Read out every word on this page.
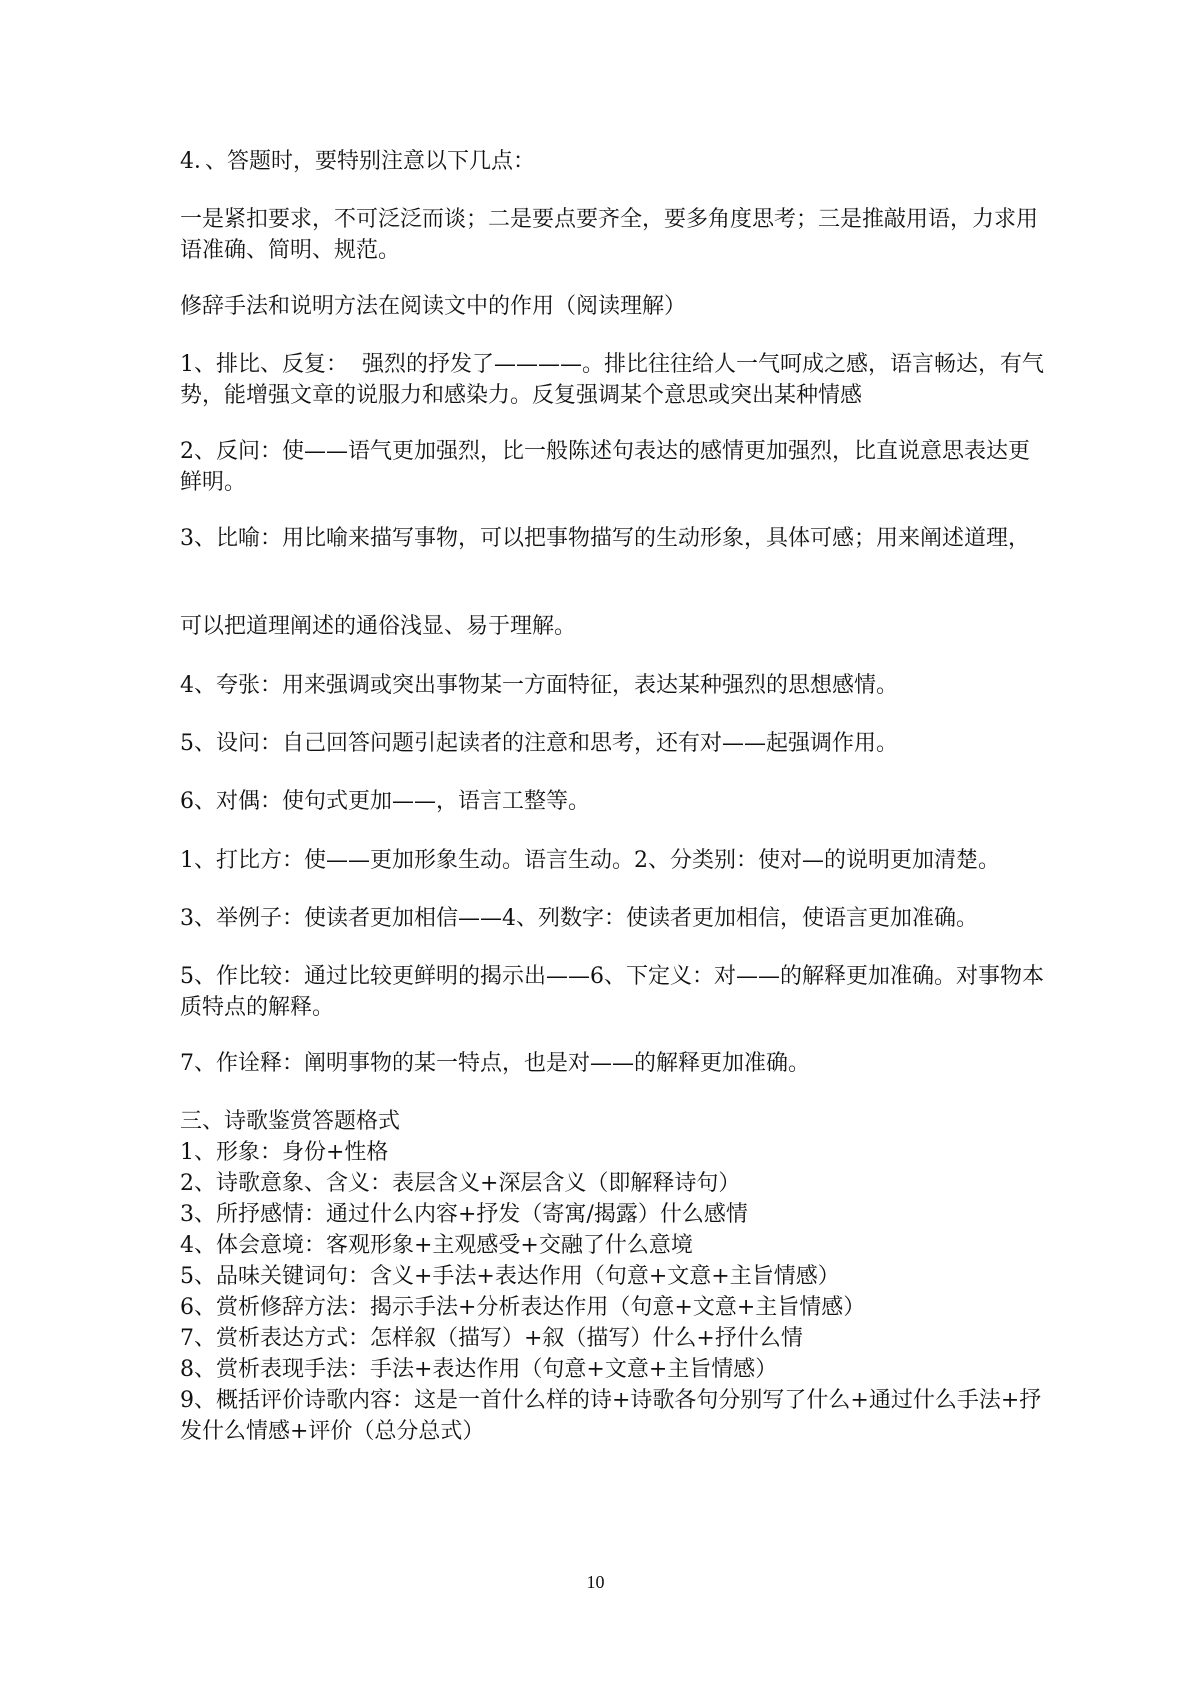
4．、答题时，要特别注意以下几点：
一是紧扣要求，不可泛泛而谈；二是要点要齐全，要多角度思考；三是推敲用语，力求用语准确、简明、规范。
修辞手法和说明方法在阅读文中的作用（阅读理解）
1、排比、反复：  强烈的抒发了————。排比往往给人一气呵成之感，语言畅达，有气势，能增强文章的说服力和感染力。反复强调某个意思或突出某种情感
2、反问：使——语气更加强烈，比一般陈述句表达的感情更加强烈，比直说意思表达更鲜明。
3、比喻：用比喻来描写事物，可以把事物描写的生动形象，具体可感；用来阐述道理，
可以把道理阐述的通俗浅显、易于理解。
4、夸张：用来强调或突出事物某一方面特征，表达某种强烈的思想感情。
5、设问：自己回答问题引起读者的注意和思考，还有对——起强调作用。
6、对偶：使句式更加——，语言工整等。
1、打比方：使——更加形象生动。语言生动。2、分类别：使对—的说明更加清楚。
3、举例子：使读者更加相信——4、列数字：使读者更加相信，使语言更加准确。
5、作比较：通过比较更鲜明的揭示出——6、下定义：对——的解释更加准确。对事物本质特点的解释。
7、作诠释：阐明事物的某一特点，也是对——的解释更加准确。
三、诗歌鉴赏答题格式
1、形象：身份+性格
2、诗歌意象、含义：表层含义+深层含义（即解释诗句）
3、所抒感情：通过什么内容+抒发（寄寓/揭露）什么感情
4、体会意境：客观形象+主观感受+交融了什么意境
5、品味关键词句：含义+手法+表达作用（句意+文意+主旨情感）
6、赏析修辞方法：揭示手法+分析表达作用（句意+文意+主旨情感）
7、赏析表达方式：怎样叙（描写）+叙（描写）什么+抒什么情
8、赏析表现手法：手法+表达作用（句意+文意+主旨情感）
9、概括评价诗歌内容：这是一首什么样的诗+诗歌各句分别写了什么+通过什么手法+抒发什么情感+评价（总分总式）
10
